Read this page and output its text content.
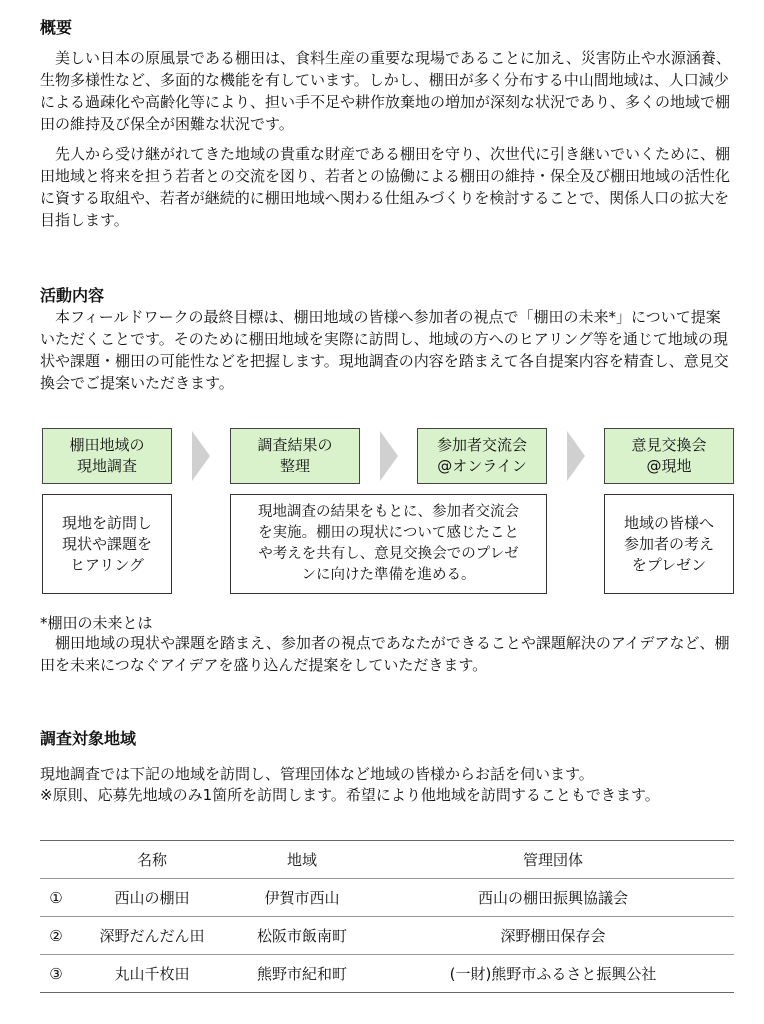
概要

美しい日本の原風景である棚田は、食料生産の重要な現場であることに加え、災害防止や水源涵養、生物多様性など、多面的な機能を有しています。しかし、棚田が多く分布する中山間地域は、人口減少による過疎化や高齢化等により、担い手不足や耕作放棄地の増加が深刻な状況であり、多くの地域で棚田の維持及び保全が困難な状況です。

先人から受け継がれてきた地域の貴重な財産である棚田を守り、次世代に引き継いでいくために、棚田地域と将来を担う若者との交流を図り、若者との協働による棚田の維持・保全及び棚田地域の活性化に資する取組や、若者が継続的に棚田地域へ関わる仕組みづくりを検討することで、関係人口の拡大を目指します。

活動内容

本フィールドワークの最終目標は、棚田地域の皆様へ参加者の視点で「棚田の未来*」について提案いただくことです。そのために棚田地域を実際に訪問し、地域の方へのヒアリング等を通じて地域の現状や課題・棚田の可能性などを把握します。現地調査の内容を踏まえて各自提案内容を精査し、意見交換会でご提案いただきます。

棚田地域の
現地調査
調査結果の
整理
参加者交流会
@オンライン
意見交換会
@現地
現地を訪問し
現状や課題を
ヒアリング
現地調査の結果をもとに、参加者交流会
を実施。棚田の現状について感じたこと
や考えを共有し、意見交換会でのプレゼ
ンに向けた準備を進める。
地域の皆様へ
参加者の考え
をプレゼン

*棚田の未来とは

棚田地域の現状や課題を踏まえ、参加者の視点であなたができることや課題解決のアイデアなど、棚田を未来につなぐアイデアを盛り込んだ提案をしていただきます。

調査対象地域

現地調査では下記の地域を訪問し、管理団体など地域の皆様からお話を伺います。

※原則、応募先地域のみ1箇所を訪問します。希望により他地域を訪問することもできます。

	名称	地域	管理団体
①	西山の棚田	伊賀市西山	西山の棚田振興協議会
②	深野だんだん田	松阪市飯南町	深野棚田保存会
③	丸山千枚田	熊野市紀和町	(一財)熊野市ふるさと振興公社
